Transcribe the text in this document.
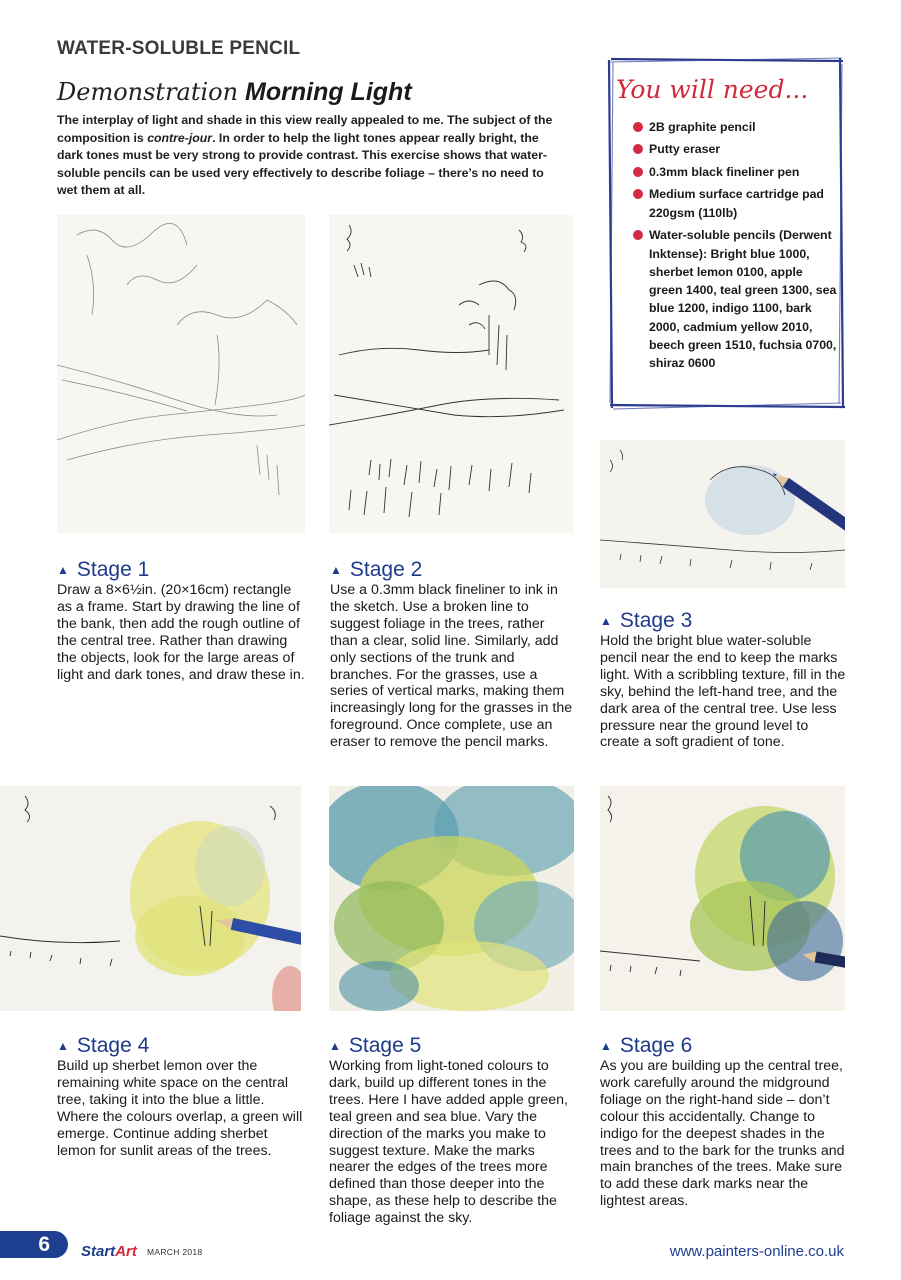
WATER-SOLUBLE PENCIL
Demonstration Morning Light
The interplay of light and shade in this view really appealed to me. The subject of the composition is contre-jour. In order to help the light tones appear really bright, the dark tones must be very strong to provide contrast. This exercise shows that water-soluble pencils can be used very effectively to describe foliage – there’s no need to wet them at all.
You will need...
2B graphite pencil
Putty eraser
0.3mm black fineliner pen
Medium surface cartridge pad 220gsm (110lb)
Water-soluble pencils (Derwent Inktense): Bright blue 1000, sherbet lemon 0100, apple green 1400, teal green 1300, sea blue 1200, indigo 1100, bark 2000, cadmium yellow 2010, beech green 1510, fuchsia 0700, shiraz 0600
▲ Stage 1
Draw a 8×6½in. (20×16cm) rectangle as a frame. Start by drawing the line of the bank, then add the rough outline of the central tree. Rather than drawing the objects, look for the large areas of light and dark tones, and draw these in.
▲ Stage 2
Use a 0.3mm black fineliner to ink in the sketch. Use a broken line to suggest foliage in the trees, rather than a clear, solid line. Similarly, add only sections of the trunk and branches. For the grasses, use a series of vertical marks, making them increasingly long for the grasses in the foreground. Once complete, use an eraser to remove the pencil marks.
▲ Stage 3
Hold the bright blue water-soluble pencil near the end to keep the marks light. With a scribbling texture, fill in the sky, behind the left-hand tree, and the dark area of the central tree. Use less pressure near the ground level to create a soft gradient of tone.
▲ Stage 4
Build up sherbet lemon over the remaining white space on the central tree, taking it into the blue a little. Where the colours overlap, a green will emerge. Continue adding sherbet lemon for sunlit areas of the trees.
▲ Stage 5
Working from light-toned colours to dark, build up different tones in the trees. Here I have added apple green, teal green and sea blue. Vary the direction of the marks you make to suggest texture. Make the marks nearer the edges of the trees more defined than those deeper into the shape, as these help to describe the foliage against the sky.
▲ Stage 6
As you are building up the central tree, work carefully around the midground foliage on the right-hand side – don’t colour this accidentally. Change to indigo for the deepest shades in the trees and to the bark for the trunks and main branches of the trees. Make sure to add these dark marks near the lightest areas.
6	StartArt MARCH 2018	www.painters-online.co.uk
